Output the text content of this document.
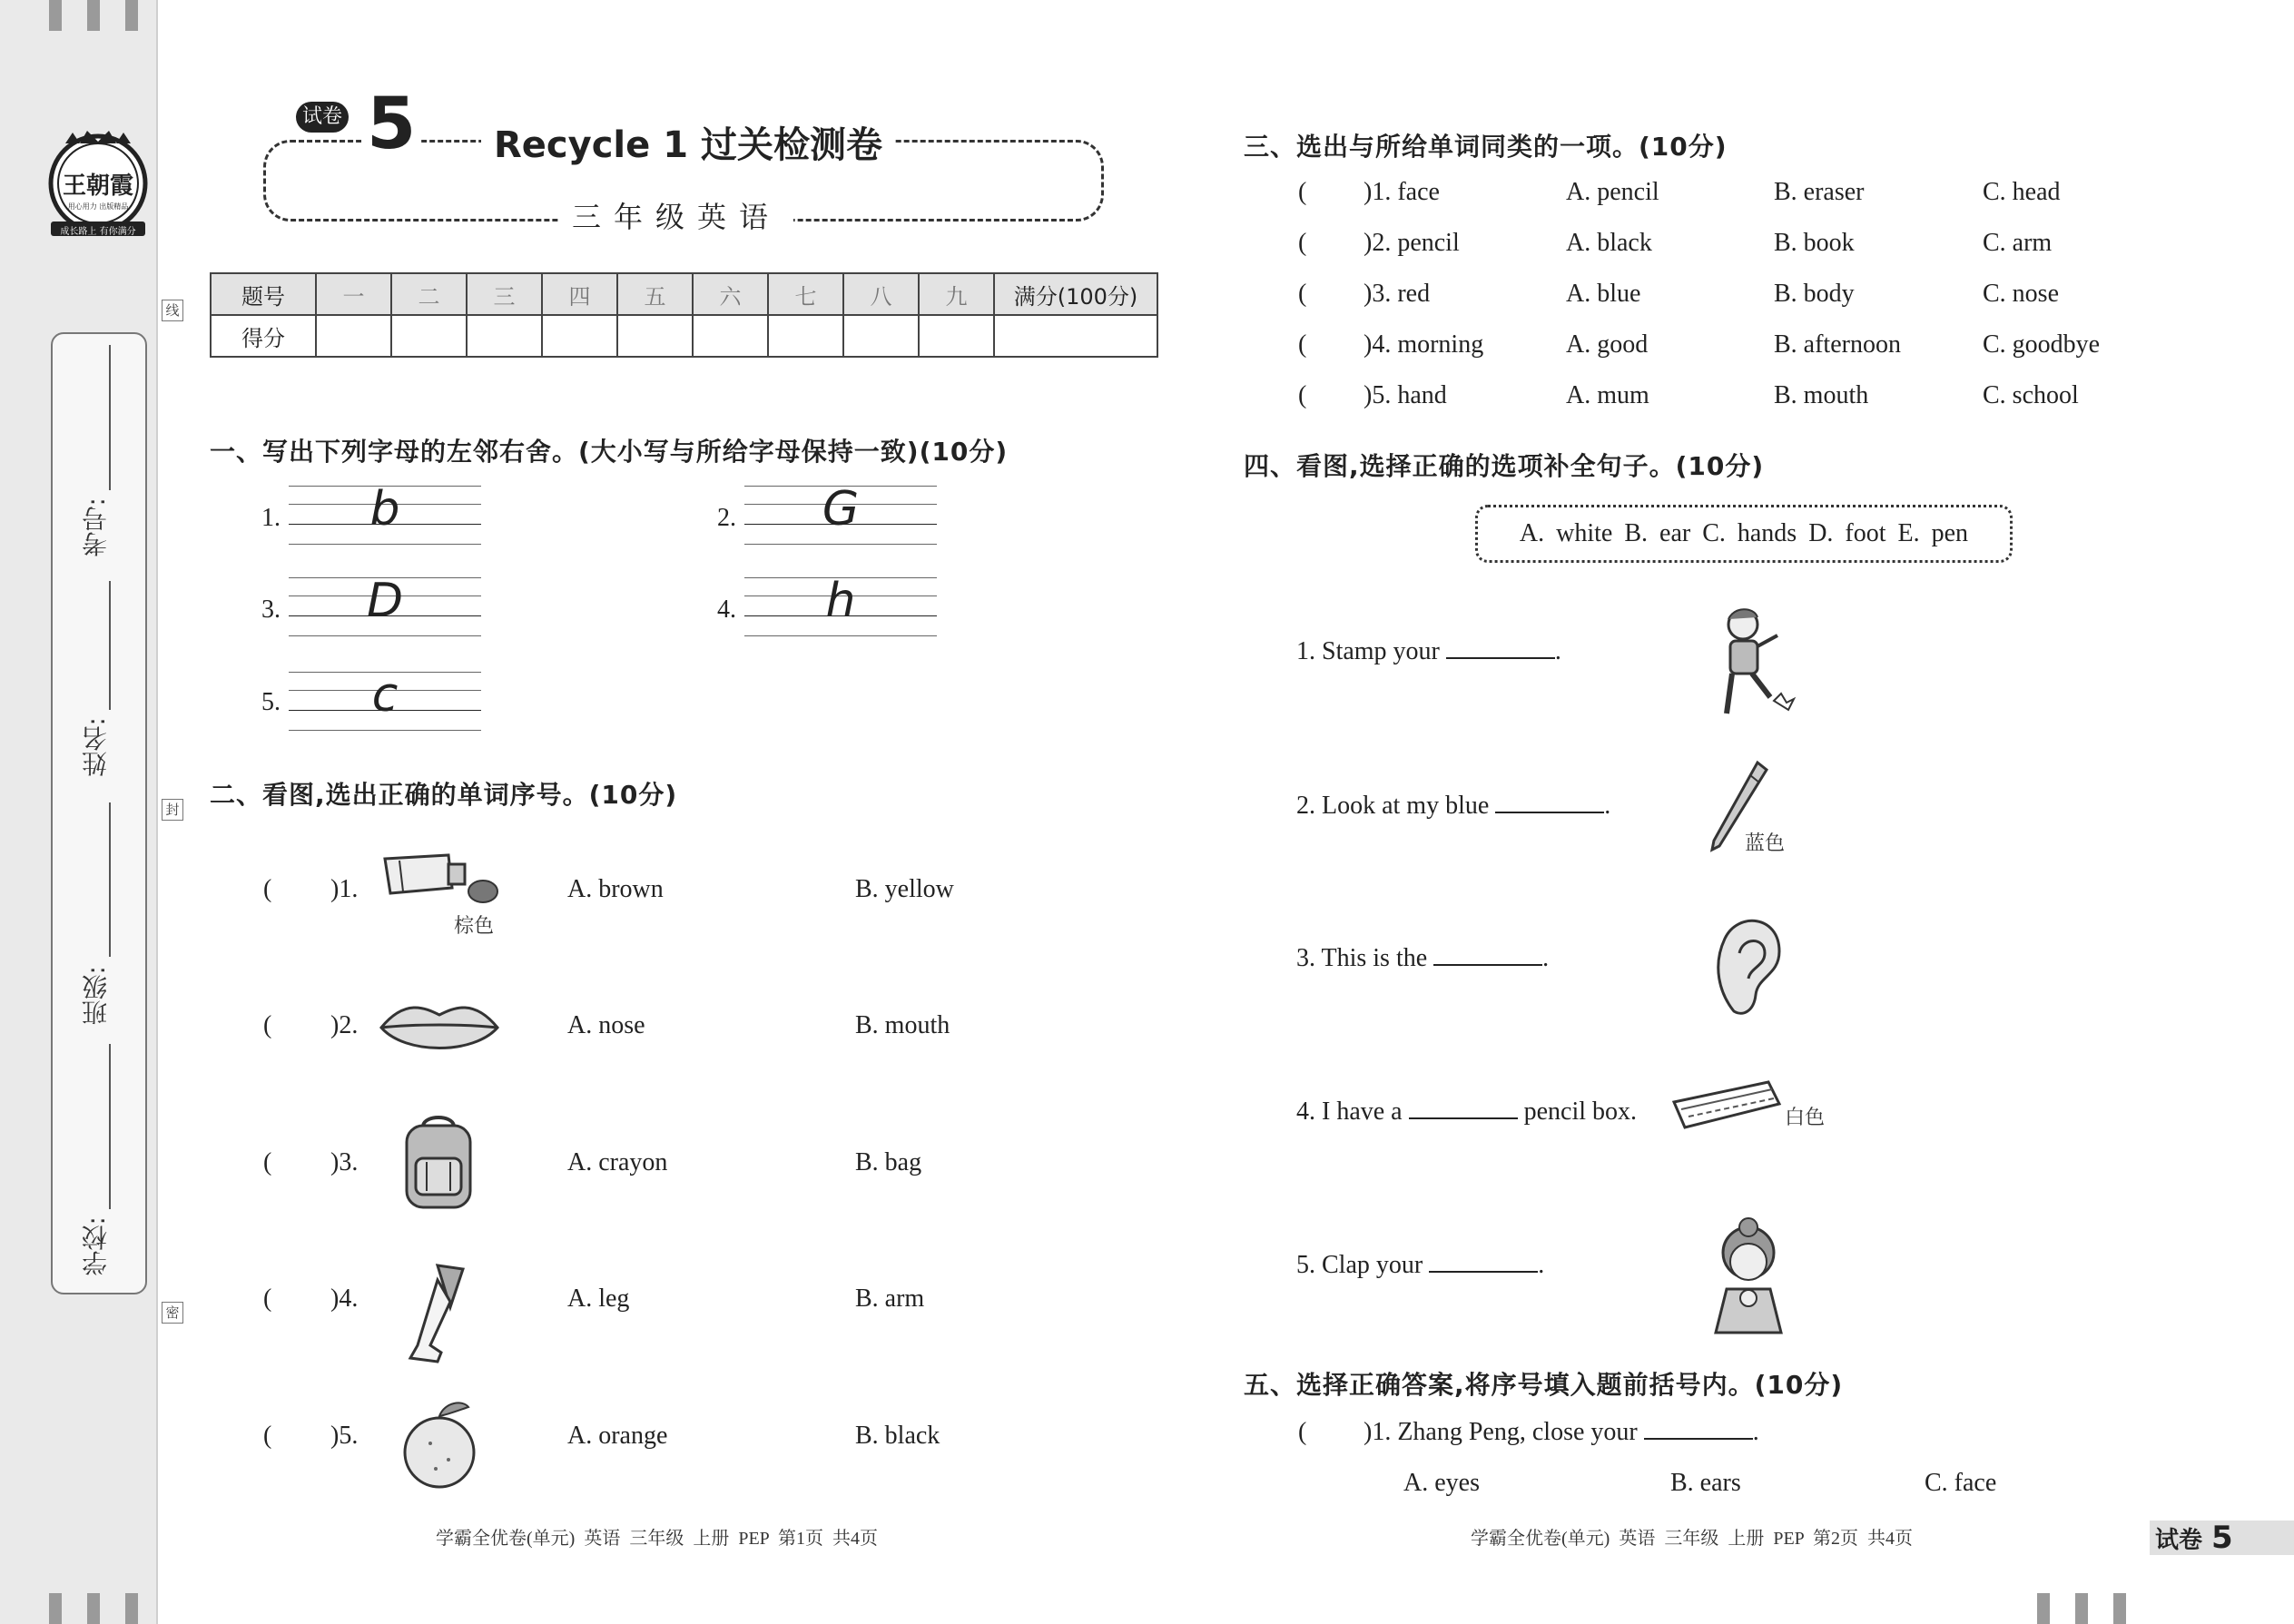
王朝霞
用心用力 出版精品
成长路上 有你满分
考号:
姓名:
班级:
学校:
线
封
密
试卷 5	Recycle 1 过关检测卷
三年级英语
题号	一	二	三	四	五	六	七	八	九	满分(100分)
得分										
一、写出下列字母的左邻右舍。(大小写与所给字母保持一致)(10分)
1.	b	2.	G
3.	D	4.	h
5.	c
二、看图,选出正确的单词序号。(10分)
( )1.
棕色
A. brown	B. yellow
( )2.	A. nose	B. mouth
( )3.	A. crayon	B. bag
( )4.	A. leg	B. arm
( )5.	A. orange	B. black
三、选出与所给单词同类的一项。(10分)
( )1. face	A. pencil	B. eraser	C. head
( )2. pencil	A. black	B. book	C. arm
( )3. red	A. blue	B. body	C. nose
( )4. morning	A. good	B. afternoon	C. goodbye
( )5. hand	A. mum	B. mouth	C. school
四、看图,选择正确的选项补全句子。(10分)
A. white B. ear C. hands D. foot E. pen
1. Stamp your	.
2. Look at my blue	.
蓝色
3. This is the	.
4. I have a	pencil box.	白色
5. Clap your	.
五、选择正确答案,将序号填入题前括号内。(10分)
( )1. Zhang Peng, close your	.
A. eyes	B. ears	C. face
学霸全优卷(单元)  英语  三年级  上册  PEP  第1页  共4页	学霸全优卷(单元)  英语  三年级  上册  PEP  第2页  共4页	试卷 5
